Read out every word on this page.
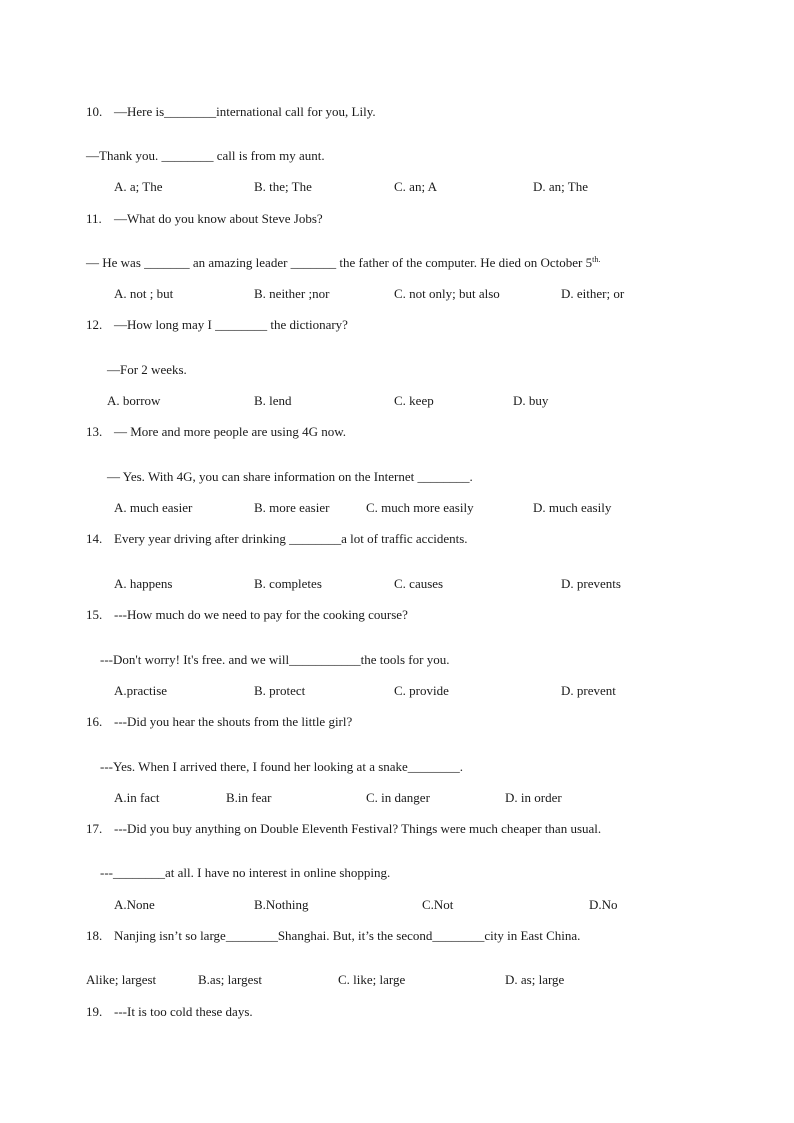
10. —Here is________international call for you, Lily.
—Thank you. ________ call is from my aunt.
A. a; The	B. the; The	C. an; A	D. an; The
11. —What do you know about Steve Jobs?
— He was _______ an amazing leader _______ the father of the computer. He died on October $5^{th.}$
A. not ; but	B. neither ;nor	C. not only; but also	D. either; or
12. —How long may I ________ the dictionary?
—For 2 weeks.
A. borrow	B. lend	C. keep	D. buy
13. — More and more people are using 4G now.
— Yes. With 4G, you can share information on the Internet ________.
A. much easier	B. more easier	C. much more easily	D. much easily
14. Every year driving after drinking ________a lot of traffic accidents.
A. happens	B. completes	C. causes	D. prevents
15. ---How much do we need to pay for the cooking course?
---Don't worry! It's free. and we will___________the tools for you.
A.practise	B. protect	C. provide	D. prevent
16. ---Did you hear the shouts from the little girl?
---Yes. When I arrived there, I found her looking at a snake________.
A.in fact	B.in fear	C. in danger	D. in order
17. ---Did you buy anything on Double Eleventh Festival? Things were much cheaper than usual.
---________at all. I have no interest in online shopping.
A.None	B.Nothing	C.Not	D.No
18. Nanjing isn’t so large________Shanghai. But, it’s the second________city in East China.
Alike; largest	B.as; largest	C. like; large	D. as; large
19. ---It is too cold these days.
